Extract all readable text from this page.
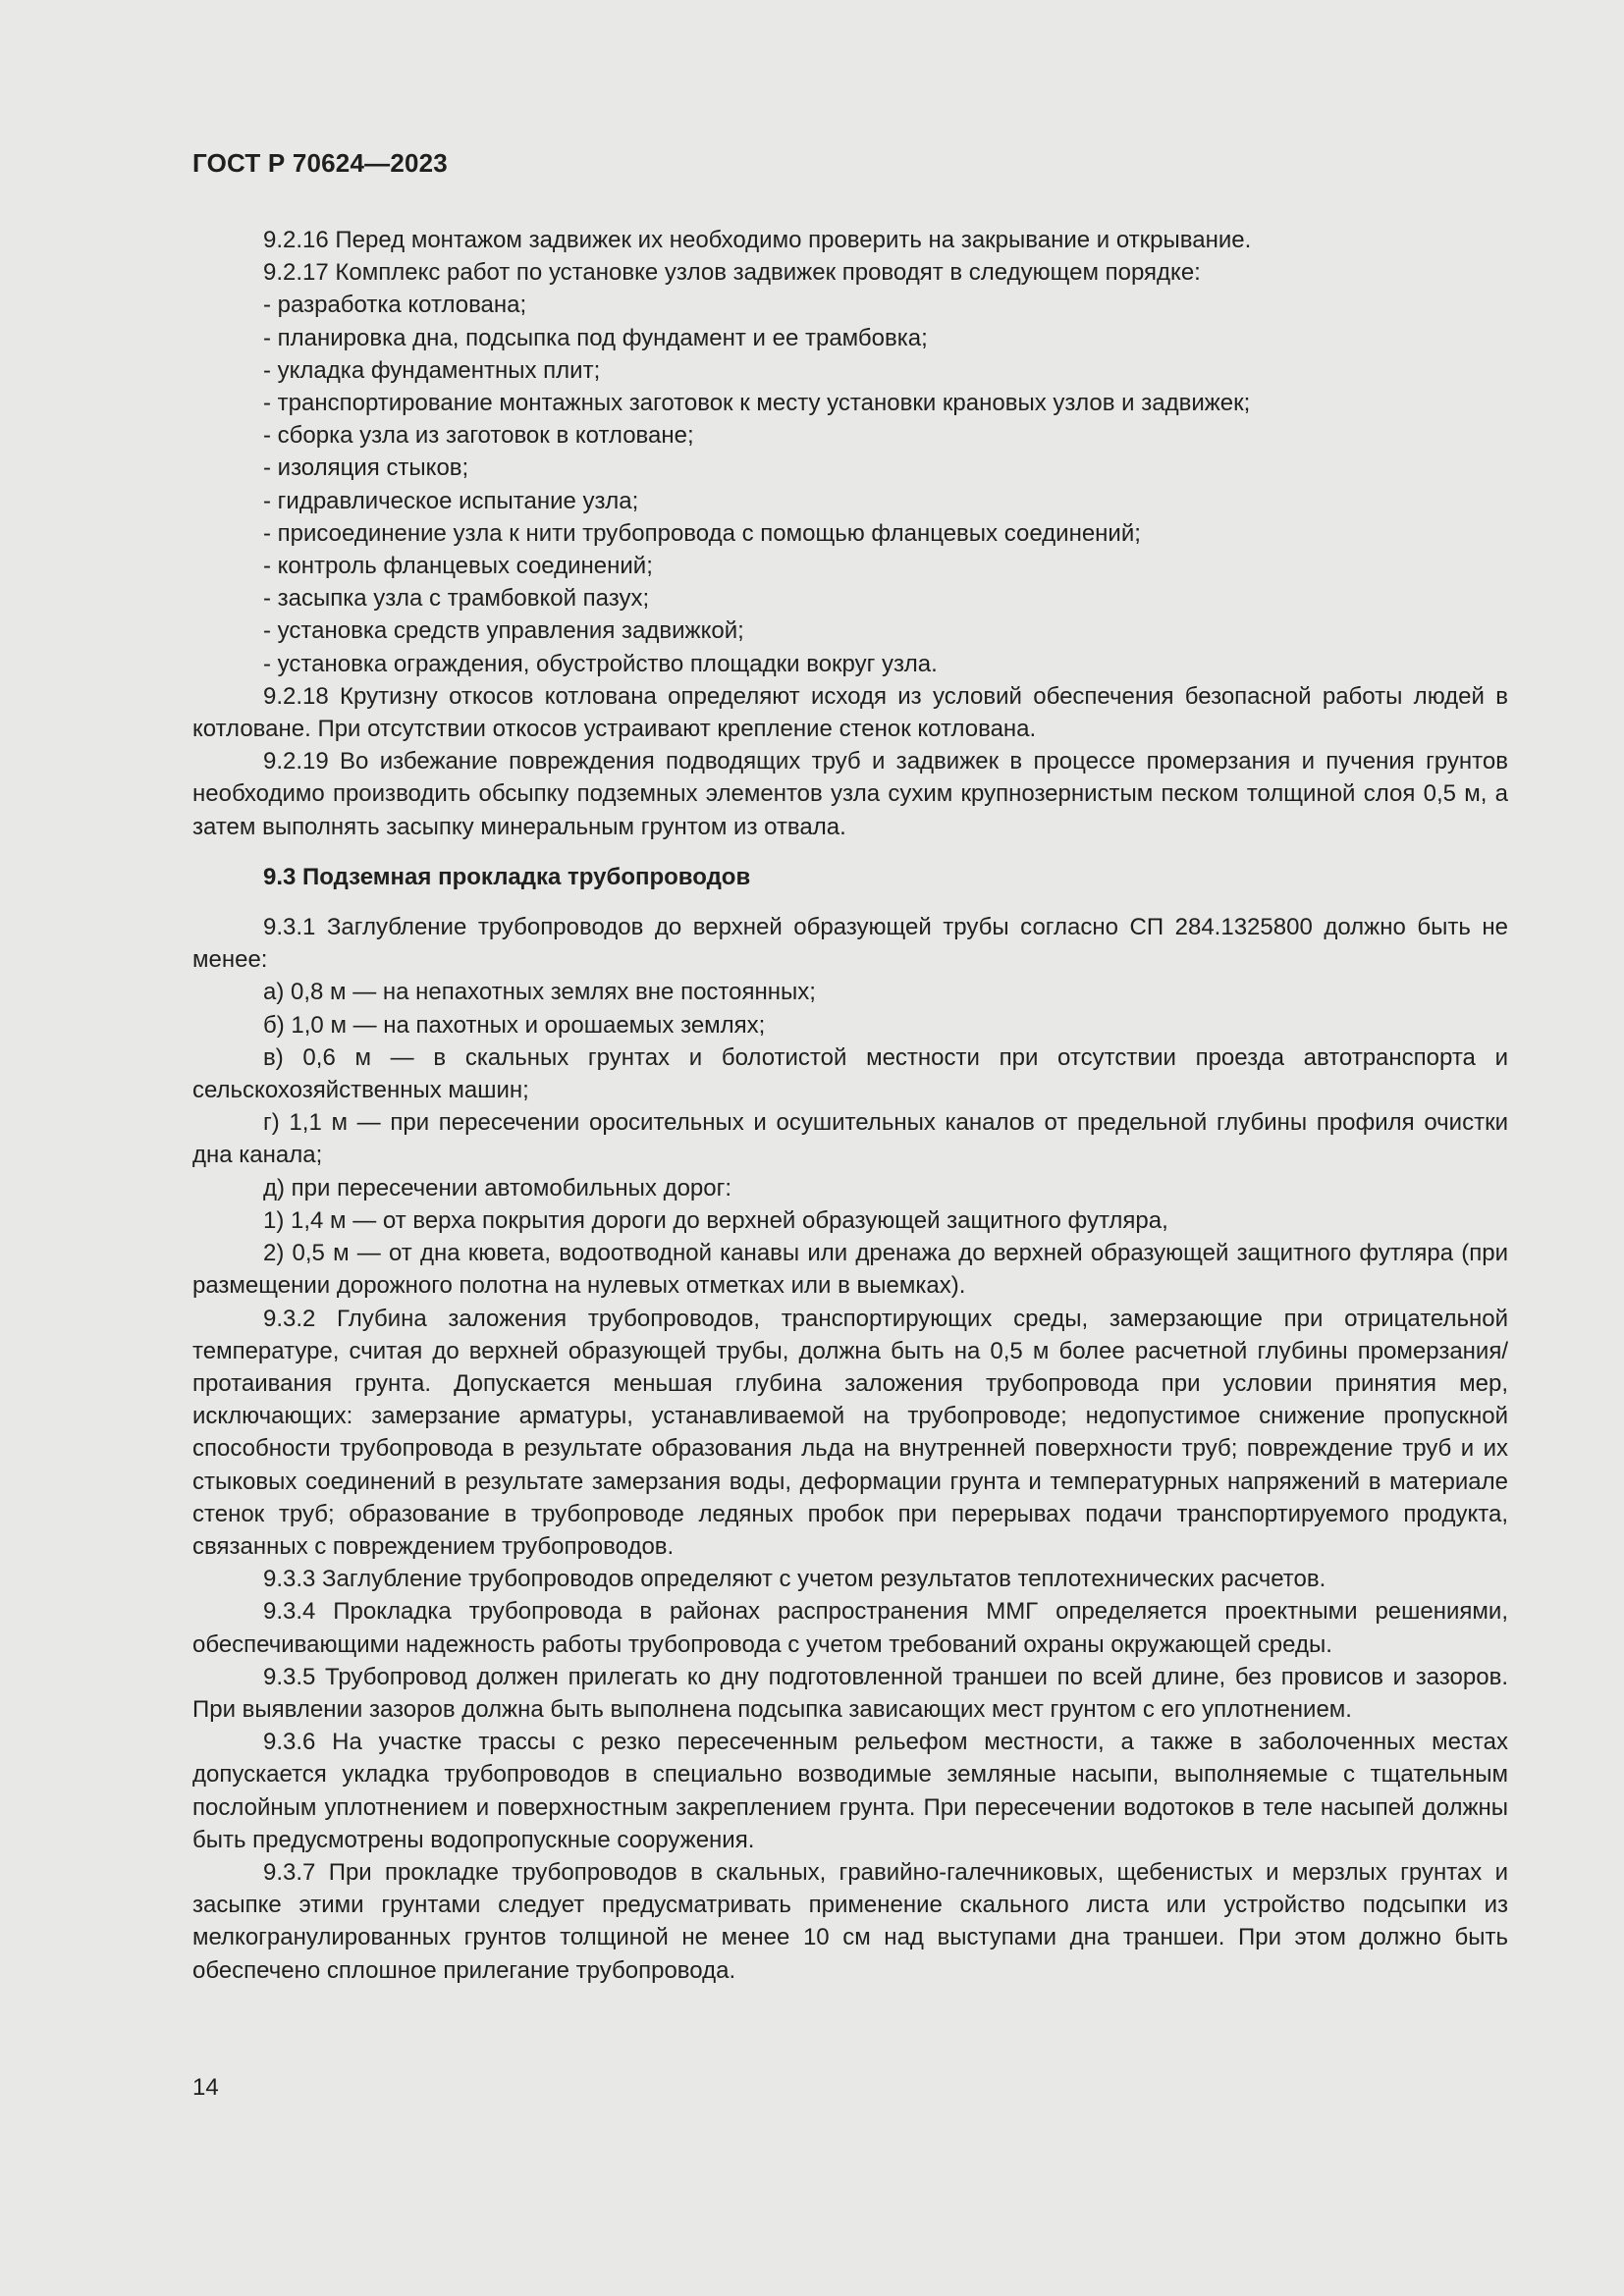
ГОСТ Р 70624—2023

9.2.16 Перед монтажом задвижек их необходимо проверить на закрывание и открывание.

9.2.17 Комплекс работ по установке узлов задвижек проводят в следующем порядке:

- разработка котлована;

- планировка дна, подсыпка под фундамент и ее трамбовка;

- укладка фундаментных плит;

- транспортирование монтажных заготовок к месту установки крановых узлов и задвижек;

- сборка узла из заготовок в котловане;

- изоляция стыков;

- гидравлическое испытание узла;

- присоединение узла к нити трубопровода с помощью фланцевых соединений;

- контроль фланцевых соединений;

- засыпка узла с трамбовкой пазух;

- установка средств управления задвижкой;

- установка ограждения, обустройство площадки вокруг узла.

9.2.18 Крутизну откосов котлована определяют исходя из условий обеспечения безопасной работы людей в котловане. При отсутствии откосов устраивают крепление стенок котлована.

9.2.19 Во избежание повреждения подводящих труб и задвижек в процессе промерзания и пучения грунтов необходимо производить обсыпку подземных элементов узла сухим крупнозернистым песком толщиной слоя 0,5 м, а затем выполнять засыпку минеральным грунтом из отвала.

9.3 Подземная прокладка трубопроводов

9.3.1 Заглубление трубопроводов до верхней образующей трубы согласно СП 284.1325800 должно быть не менее:

а) 0,8 м — на непахотных землях вне постоянных;

б) 1,0 м — на пахотных и орошаемых землях;

в) 0,6 м — в скальных грунтах и болотистой местности при отсутствии проезда автотранспорта и сельскохозяйственных машин;

г) 1,1 м — при пересечении оросительных и осушительных каналов от предельной глубины профиля очистки дна канала;

д) при пересечении автомобильных дорог:

1) 1,4 м — от верха покрытия дороги до верхней образующей защитного футляра,

2) 0,5 м — от дна кювета, водоотводной канавы или дренажа до верхней образующей защитного футляра (при размещении дорожного полотна на нулевых отметках или в выемках).

9.3.2 Глубина заложения трубопроводов, транспортирующих среды, замерзающие при отрицательной температуре, считая до верхней образующей трубы, должна быть на 0,5 м более расчетной глубины промерзания/протаивания грунта. Допускается меньшая глубина заложения трубопровода при условии принятия мер, исключающих: замерзание арматуры, устанавливаемой на трубопроводе; недопустимое снижение пропускной способности трубопровода в результате образования льда на внутренней поверхности труб; повреждение труб и их стыковых соединений в результате замерзания воды, деформации грунта и температурных напряжений в материале стенок труб; образование в трубопроводе ледяных пробок при перерывах подачи транспортируемого продукта, связанных с повреждением трубопроводов.

9.3.3 Заглубление трубопроводов определяют с учетом результатов теплотехнических расчетов.

9.3.4 Прокладка трубопровода в районах распространения ММГ определяется проектными решениями, обеспечивающими надежность работы трубопровода с учетом требований охраны окружающей среды.

9.3.5 Трубопровод должен прилегать ко дну подготовленной траншеи по всей длине, без провисов и зазоров. При выявлении зазоров должна быть выполнена подсыпка зависающих мест грунтом с его уплотнением.

9.3.6 На участке трассы с резко пересеченным рельефом местности, а также в заболоченных местах допускается укладка трубопроводов в специально возводимые земляные насыпи, выполняемые с тщательным послойным уплотнением и поверхностным закреплением грунта. При пересечении водотоков в теле насыпей должны быть предусмотрены водопропускные сооружения.

9.3.7 При прокладке трубопроводов в скальных, гравийно-галечниковых, щебенистых и мерзлых грунтах и засыпке этими грунтами следует предусматривать применение скального листа или устройство подсыпки из мелкогранулированных грунтов толщиной не менее 10 см над выступами дна траншеи. При этом должно быть обеспечено сплошное прилегание трубопровода.

14
